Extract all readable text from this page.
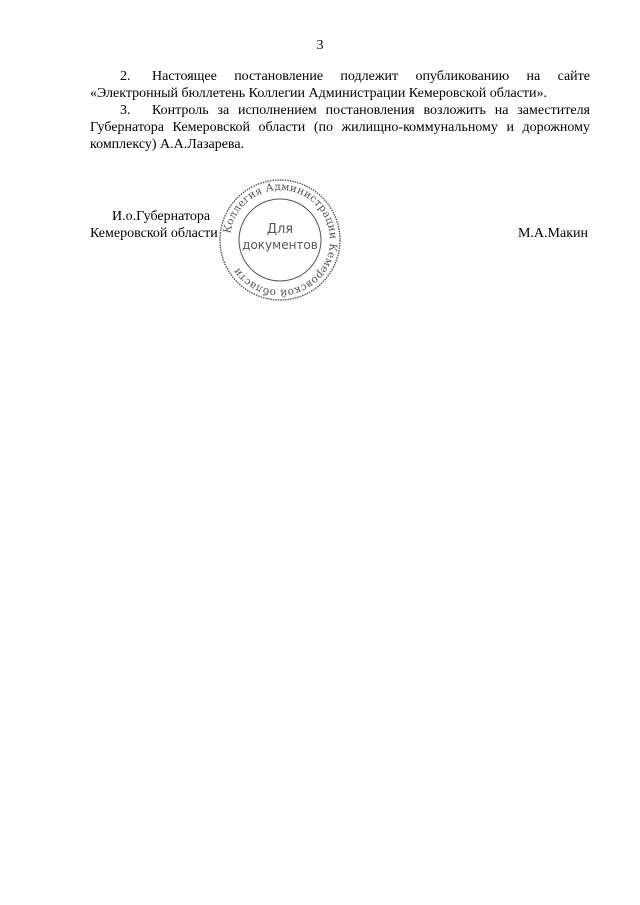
3

2. Настоящее постановление подлежит опубликованию на сайте «Электронный бюллетень Коллегии Администрации Кемеровской области».

3. Контроль за исполнением постановления возложить на заместителя Губернатора Кемеровской области (по жилищно-коммунальному и дорожному комплексу) А.А.Лазарева.

И.о.Губернатора
Кемеровской области	М.А.Макин
Коллегия Администрации Кемеровской области
Для
документов
